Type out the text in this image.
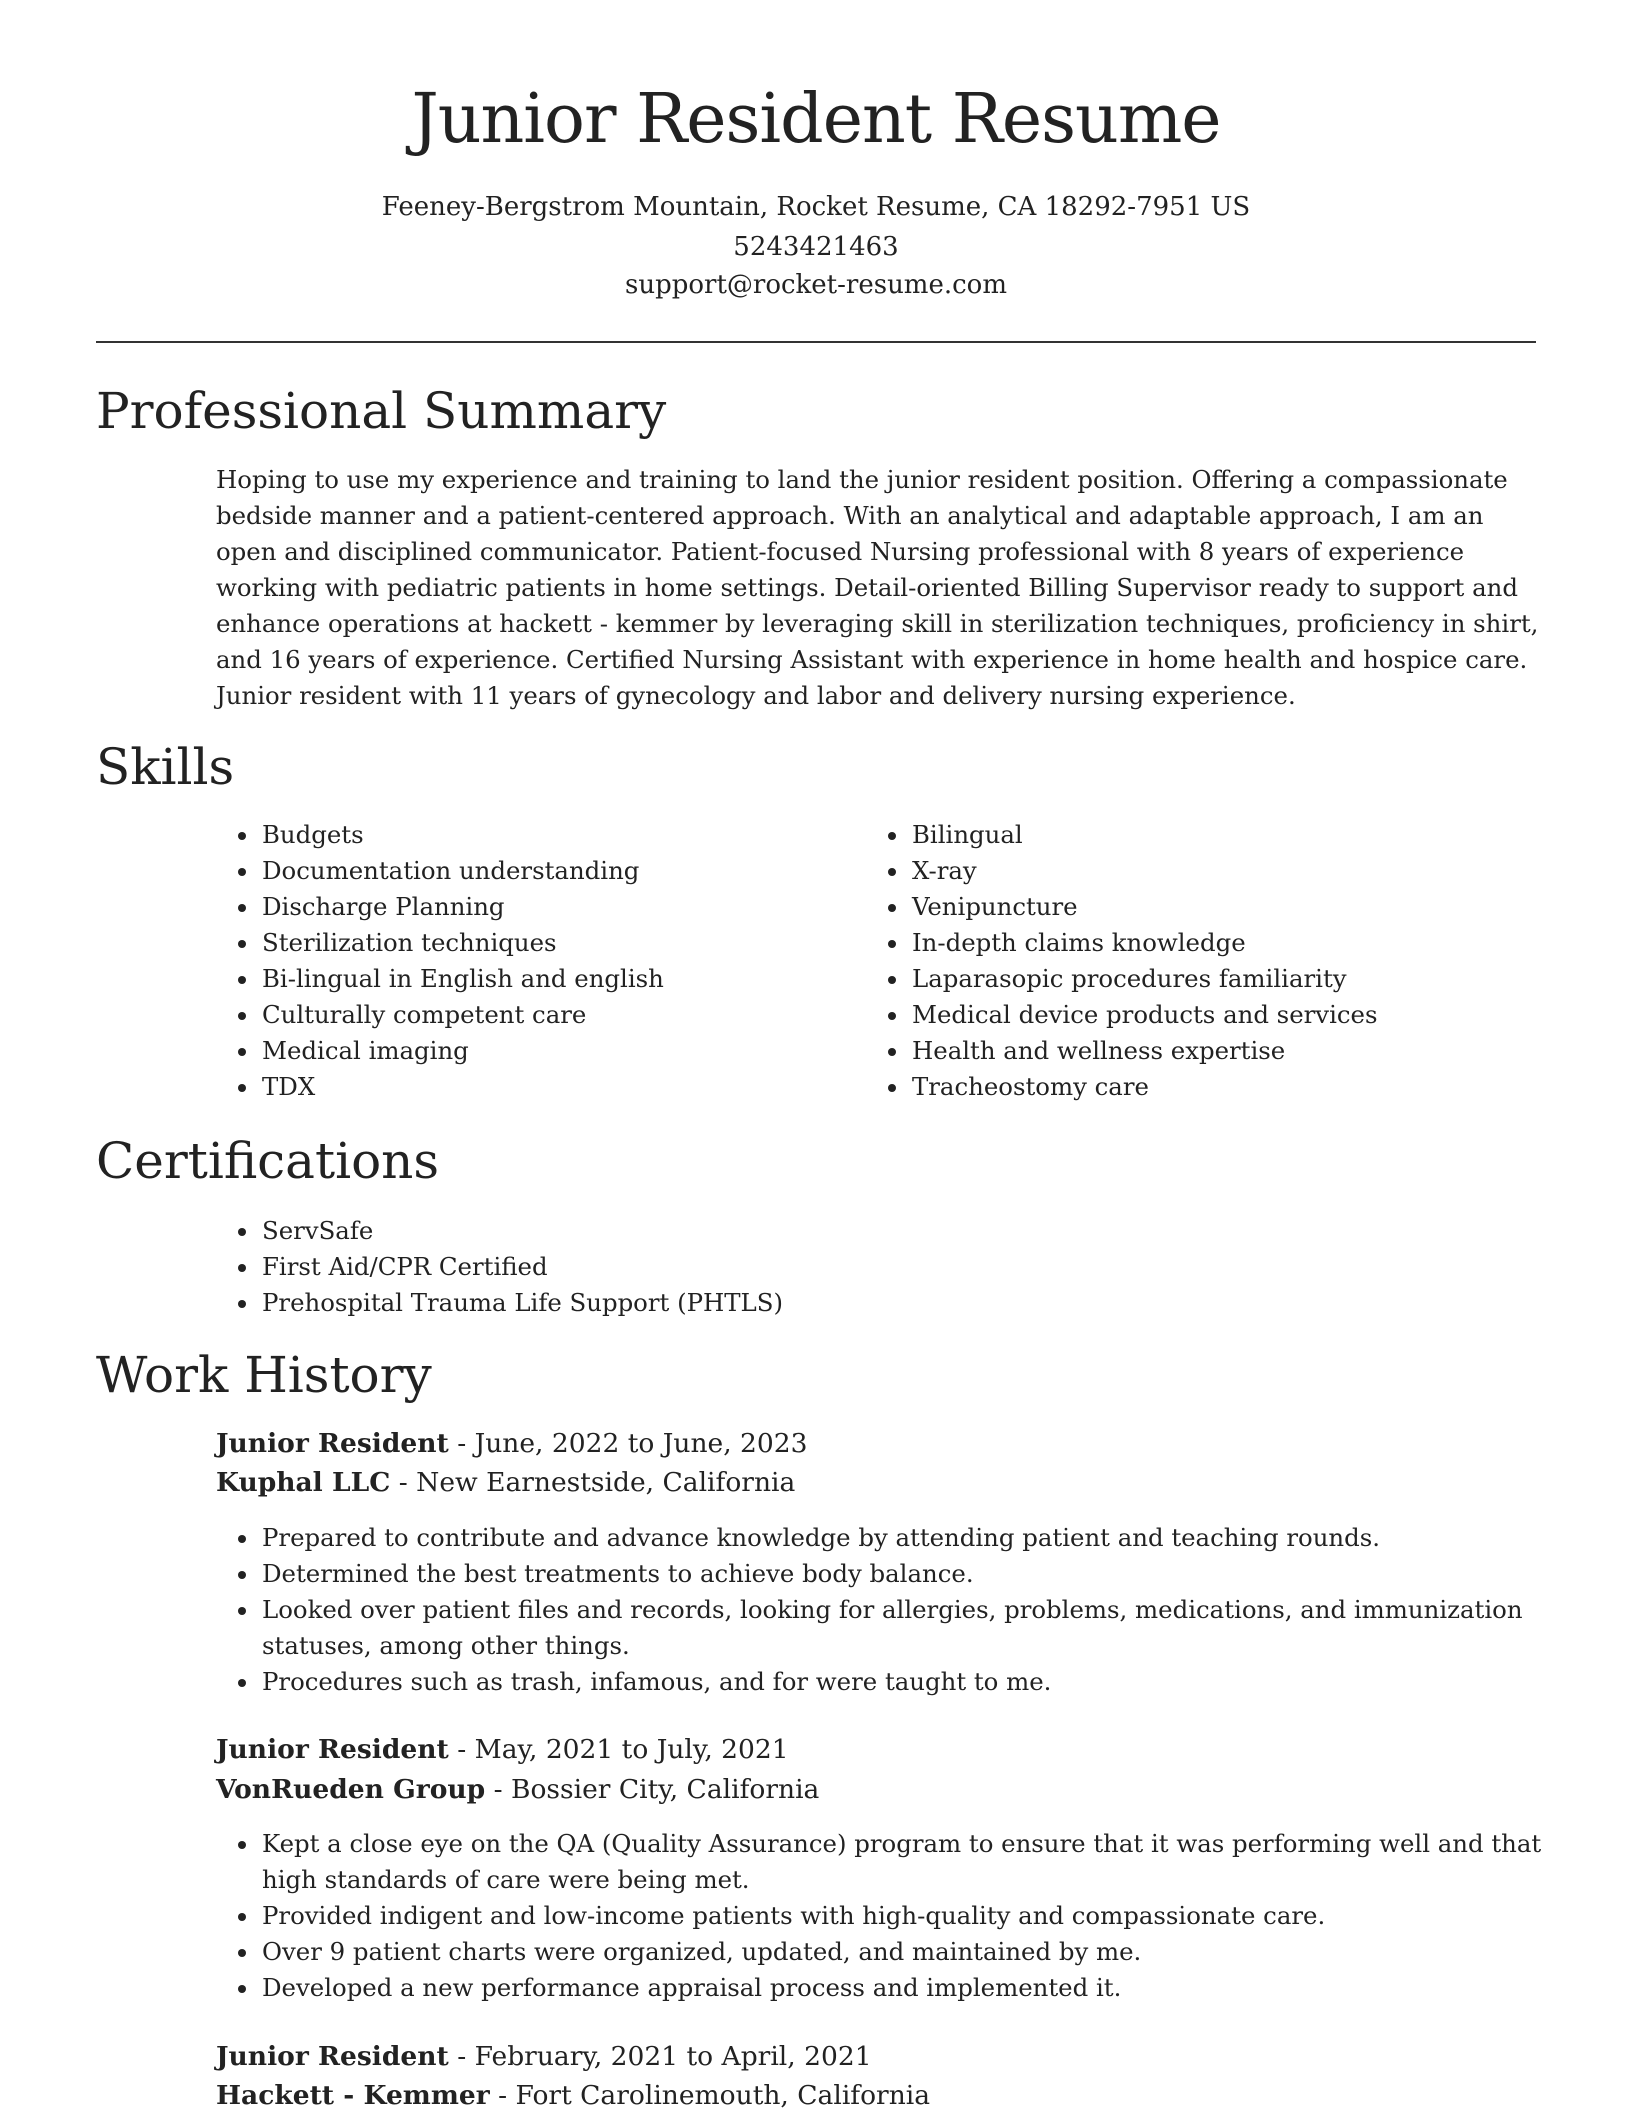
Junior Resident Resume
Feeney-Bergstrom Mountain, Rocket Resume, CA 18292-7951 US
5243421463
support@rocket-resume.com
Professional Summary

Hoping to use my experience and training to land the junior resident position. Offering a compassionate bedside manner and a patient-centered approach. With an analytical and adaptable approach, I am an open and disciplined communicator. Patient-focused Nursing professional with 8 years of experience working with pediatric patients in home settings. Detail-oriented Billing Supervisor ready to support and enhance operations at hackett - kemmer by leveraging skill in sterilization techniques, proficiency in shirt, and 16 years of experience. Certified Nursing Assistant with experience in home health and hospice care. Junior resident with 11 years of gynecology and labor and delivery nursing experience.

Skills
• Budgets
• Documentation understanding
• Discharge Planning
• Sterilization techniques
• Bi-lingual in English and english
• Culturally competent care
• Medical imaging
• TDX
• Bilingual
• X-ray
• Venipuncture
• In-depth claims knowledge
• Laparasopic procedures familiarity
• Medical device products and services
• Health and wellness expertise
• Tracheostomy care
Certifications
• ServSafe
• First Aid/CPR Certified
• Prehospital Trauma Life Support (PHTLS)
Work History
Junior Resident - June, 2022 to June, 2023
Kuphal LLC - New Earnestside, California
• Prepared to contribute and advance knowledge by attending patient and teaching rounds.
• Determined the best treatments to achieve body balance.
• Looked over patient files and records, looking for allergies, problems, medications, and immunization statuses, among other things.
• Procedures such as trash, infamous, and for were taught to me.
Junior Resident - May, 2021 to July, 2021
VonRueden Group - Bossier City, California
• Kept a close eye on the QA (Quality Assurance) program to ensure that it was performing well and that high standards of care were being met.
• Provided indigent and low-income patients with high-quality and compassionate care.
• Over 9 patient charts were organized, updated, and maintained by me.
• Developed a new performance appraisal process and implemented it.
Junior Resident - February, 2021 to April, 2021
Hackett - Kemmer - Fort Carolinemouth, California
